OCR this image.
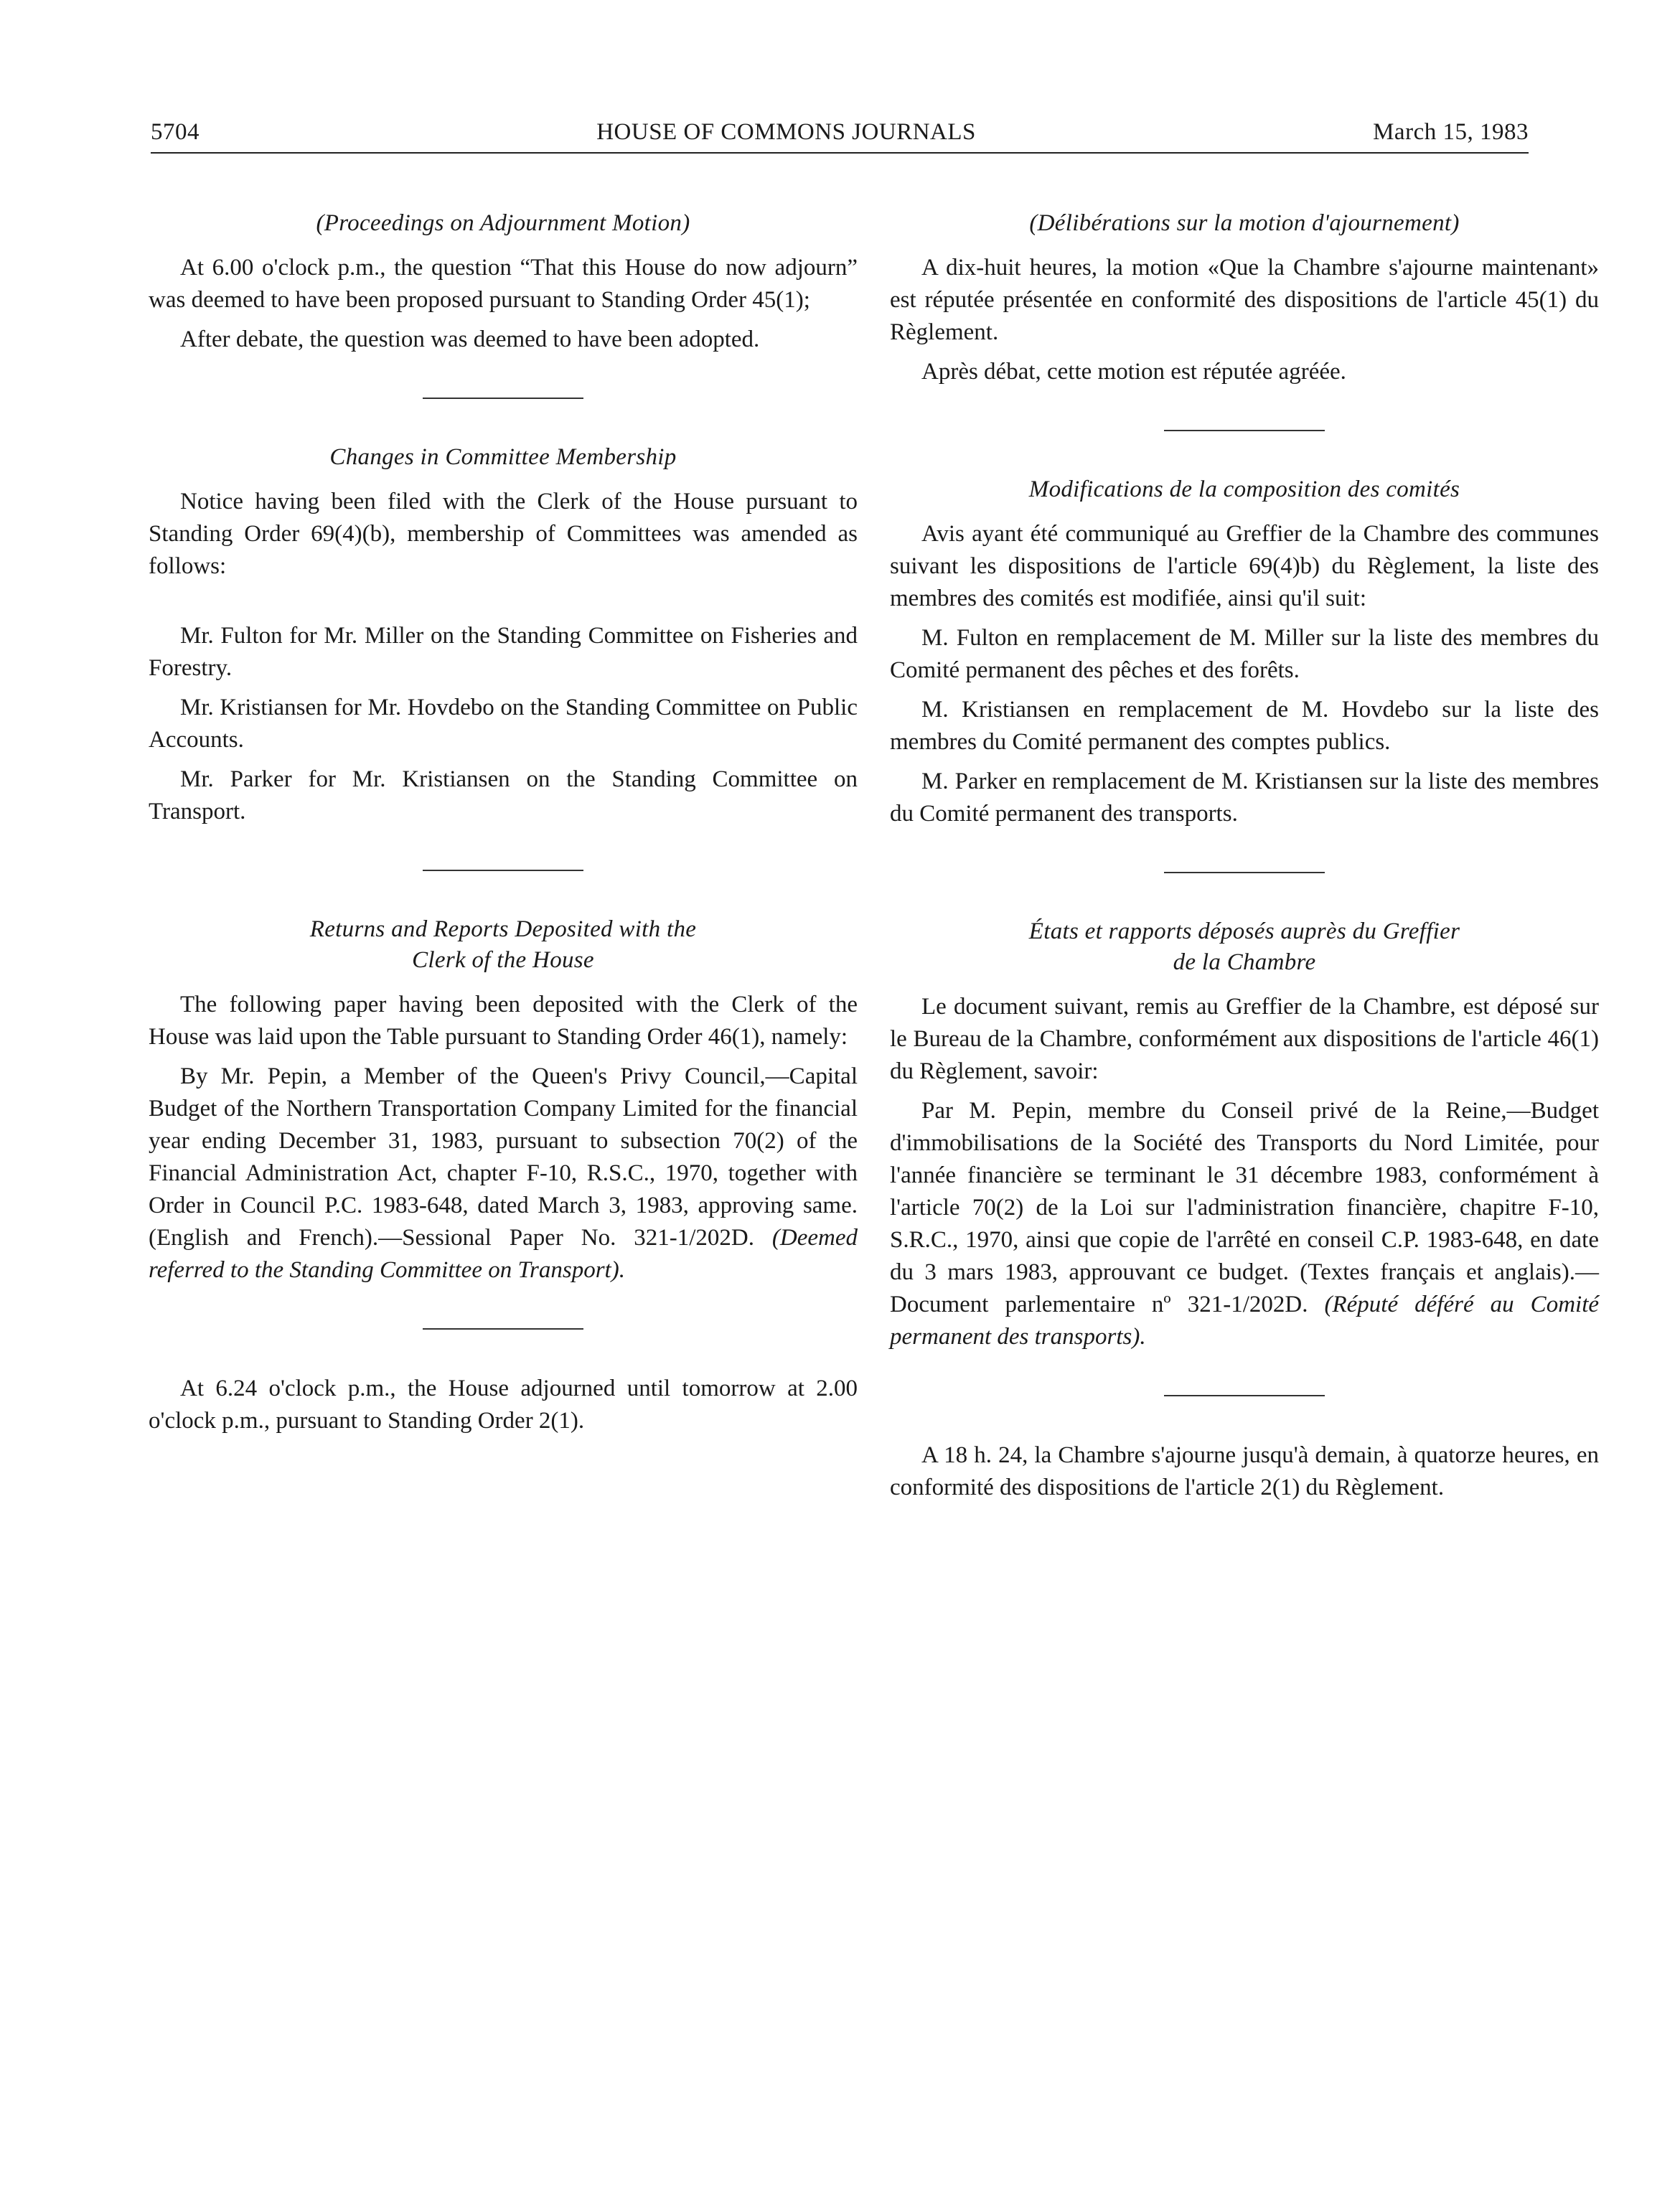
5704	HOUSE OF COMMONS JOURNALS	March 15, 1983
(Proceedings on Adjournment Motion)

At 6.00 o'clock p.m., the question “That this House do now adjourn” was deemed to have been proposed pursuant to Standing Order 45(1);

After debate, the question was deemed to have been adopted.

Changes in Committee Membership

Notice having been filed with the Clerk of the House pursuant to Standing Order 69(4)(b), membership of Committees was amended as follows:

Mr. Fulton for Mr. Miller on the Standing Committee on Fisheries and Forestry.

Mr. Kristiansen for Mr. Hovdebo on the Standing Committee on Public Accounts.

Mr. Parker for Mr. Kristiansen on the Standing Committee on Transport.

Returns and Reports Deposited with the
Clerk of the House

The following paper having been deposited with the Clerk of the House was laid upon the Table pursuant to Standing Order 46(1), namely:

By Mr. Pepin, a Member of the Queen's Privy Council,—Capital Budget of the Northern Transportation Company Limited for the financial year ending December 31, 1983, pursuant to subsection 70(2) of the Financial Administration Act, chapter F-10, R.S.C., 1970, together with Order in Council P.C. 1983-648, dated March 3, 1983, approving same. (English and French).—Sessional Paper No. 321-1/202D. (Deemed referred to the Standing Committee on Transport).

At 6.24 o'clock p.m., the House adjourned until tomorrow at 2.00 o'clock p.m., pursuant to Standing Order 2(1).

(Délibérations sur la motion d'ajournement)

A dix-huit heures, la motion «Que la Chambre s'ajourne maintenant» est réputée présentée en conformité des dispositions de l'article 45(1) du Règlement.

Après débat, cette motion est réputée agréée.

Modifications de la composition des comités

Avis ayant été communiqué au Greffier de la Chambre des communes suivant les dispositions de l'article 69(4)b) du Règlement, la liste des membres des comités est modifiée, ainsi qu'il suit:

M. Fulton en remplacement de M. Miller sur la liste des membres du Comité permanent des pêches et des forêts.

M. Kristiansen en remplacement de M. Hovdebo sur la liste des membres du Comité permanent des comptes publics.

M. Parker en remplacement de M. Kristiansen sur la liste des membres du Comité permanent des transports.

États et rapports déposés auprès du Greffier
de la Chambre

Le document suivant, remis au Greffier de la Chambre, est déposé sur le Bureau de la Chambre, conformément aux dispositions de l'article 46(1) du Règlement, savoir:

Par M. Pepin, membre du Conseil privé de la Reine,—Budget d'immobilisations de la Société des Transports du Nord Limitée, pour l'année financière se terminant le 31 décembre 1983, conformément à l'article 70(2) de la Loi sur l'administration financière, chapitre F-10, S.R.C., 1970, ainsi que copie de l'arrêté en conseil C.P. 1983-648, en date du 3 mars 1983, approuvant ce budget. (Textes français et anglais).—Document parlementaire nº 321-1/202D. (Réputé déféré au Comité permanent des transports).

A 18 h. 24, la Chambre s'ajourne jusqu'à demain, à quatorze heures, en conformité des dispositions de l'article 2(1) du Règlement.
